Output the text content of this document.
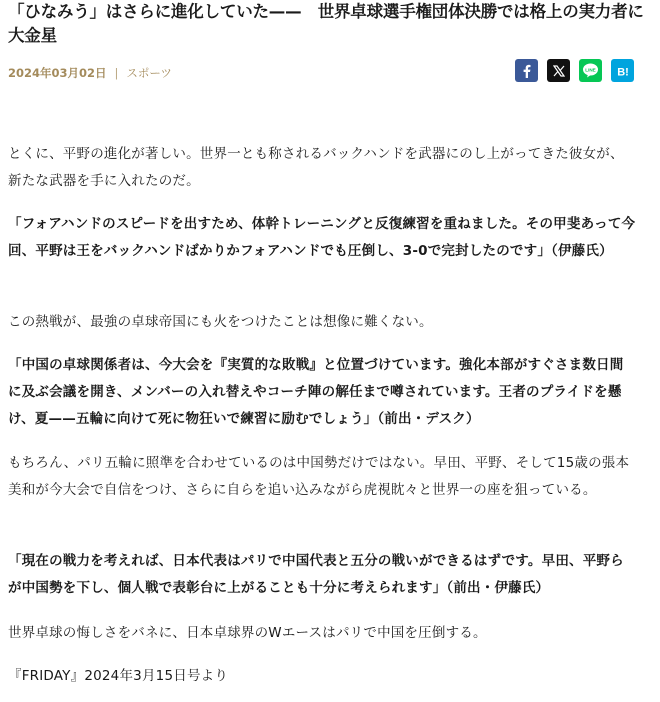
「ひなみう」はさらに進化していた——　世界卓球選手権団体決勝では格上の実力者に大金星
2024年03月02日 | スポーツ	LINE B!

とくに、平野の進化が著しい。世界一とも称されるバックハンドを武器にのし上がってきた彼女が、新たな武器を手に入れたのだ。

「フォアハンドのスピードを出すため、体幹トレーニングと反復練習を重ねました。その甲斐あって今回、平野は王をバックハンドばかりかフォアハンドでも圧倒し、3-0で完封したのです」（伊藤氏）

この熱戦が、最強の卓球帝国にも火をつけたことは想像に難くない。

「中国の卓球関係者は、今大会を『実質的な敗戦』と位置づけています。強化本部がすぐさま数日間に及ぶ会議を開き、メンバーの入れ替えやコーチ陣の解任まで噂されています。王者のプライドを懸け、夏——五輪に向けて死に物狂いで練習に励むでしょう」（前出・デスク）

もちろん、パリ五輪に照準を合わせているのは中国勢だけではない。早田、平野、そして15歳の張本美和が今大会で自信をつけ、さらに自らを追い込みながら虎視眈々と世界一の座を狙っている。

「現在の戦力を考えれば、日本代表はパリで中国代表と五分の戦いができるはずです。早田、平野らが中国勢を下し、個人戦で表彰台に上がることも十分に考えられます」（前出・伊藤氏）

世界卓球の悔しさをバネに、日本卓球界のWエースはパリで中国を圧倒する。

『FRIDAY』2024年3月15日号より
